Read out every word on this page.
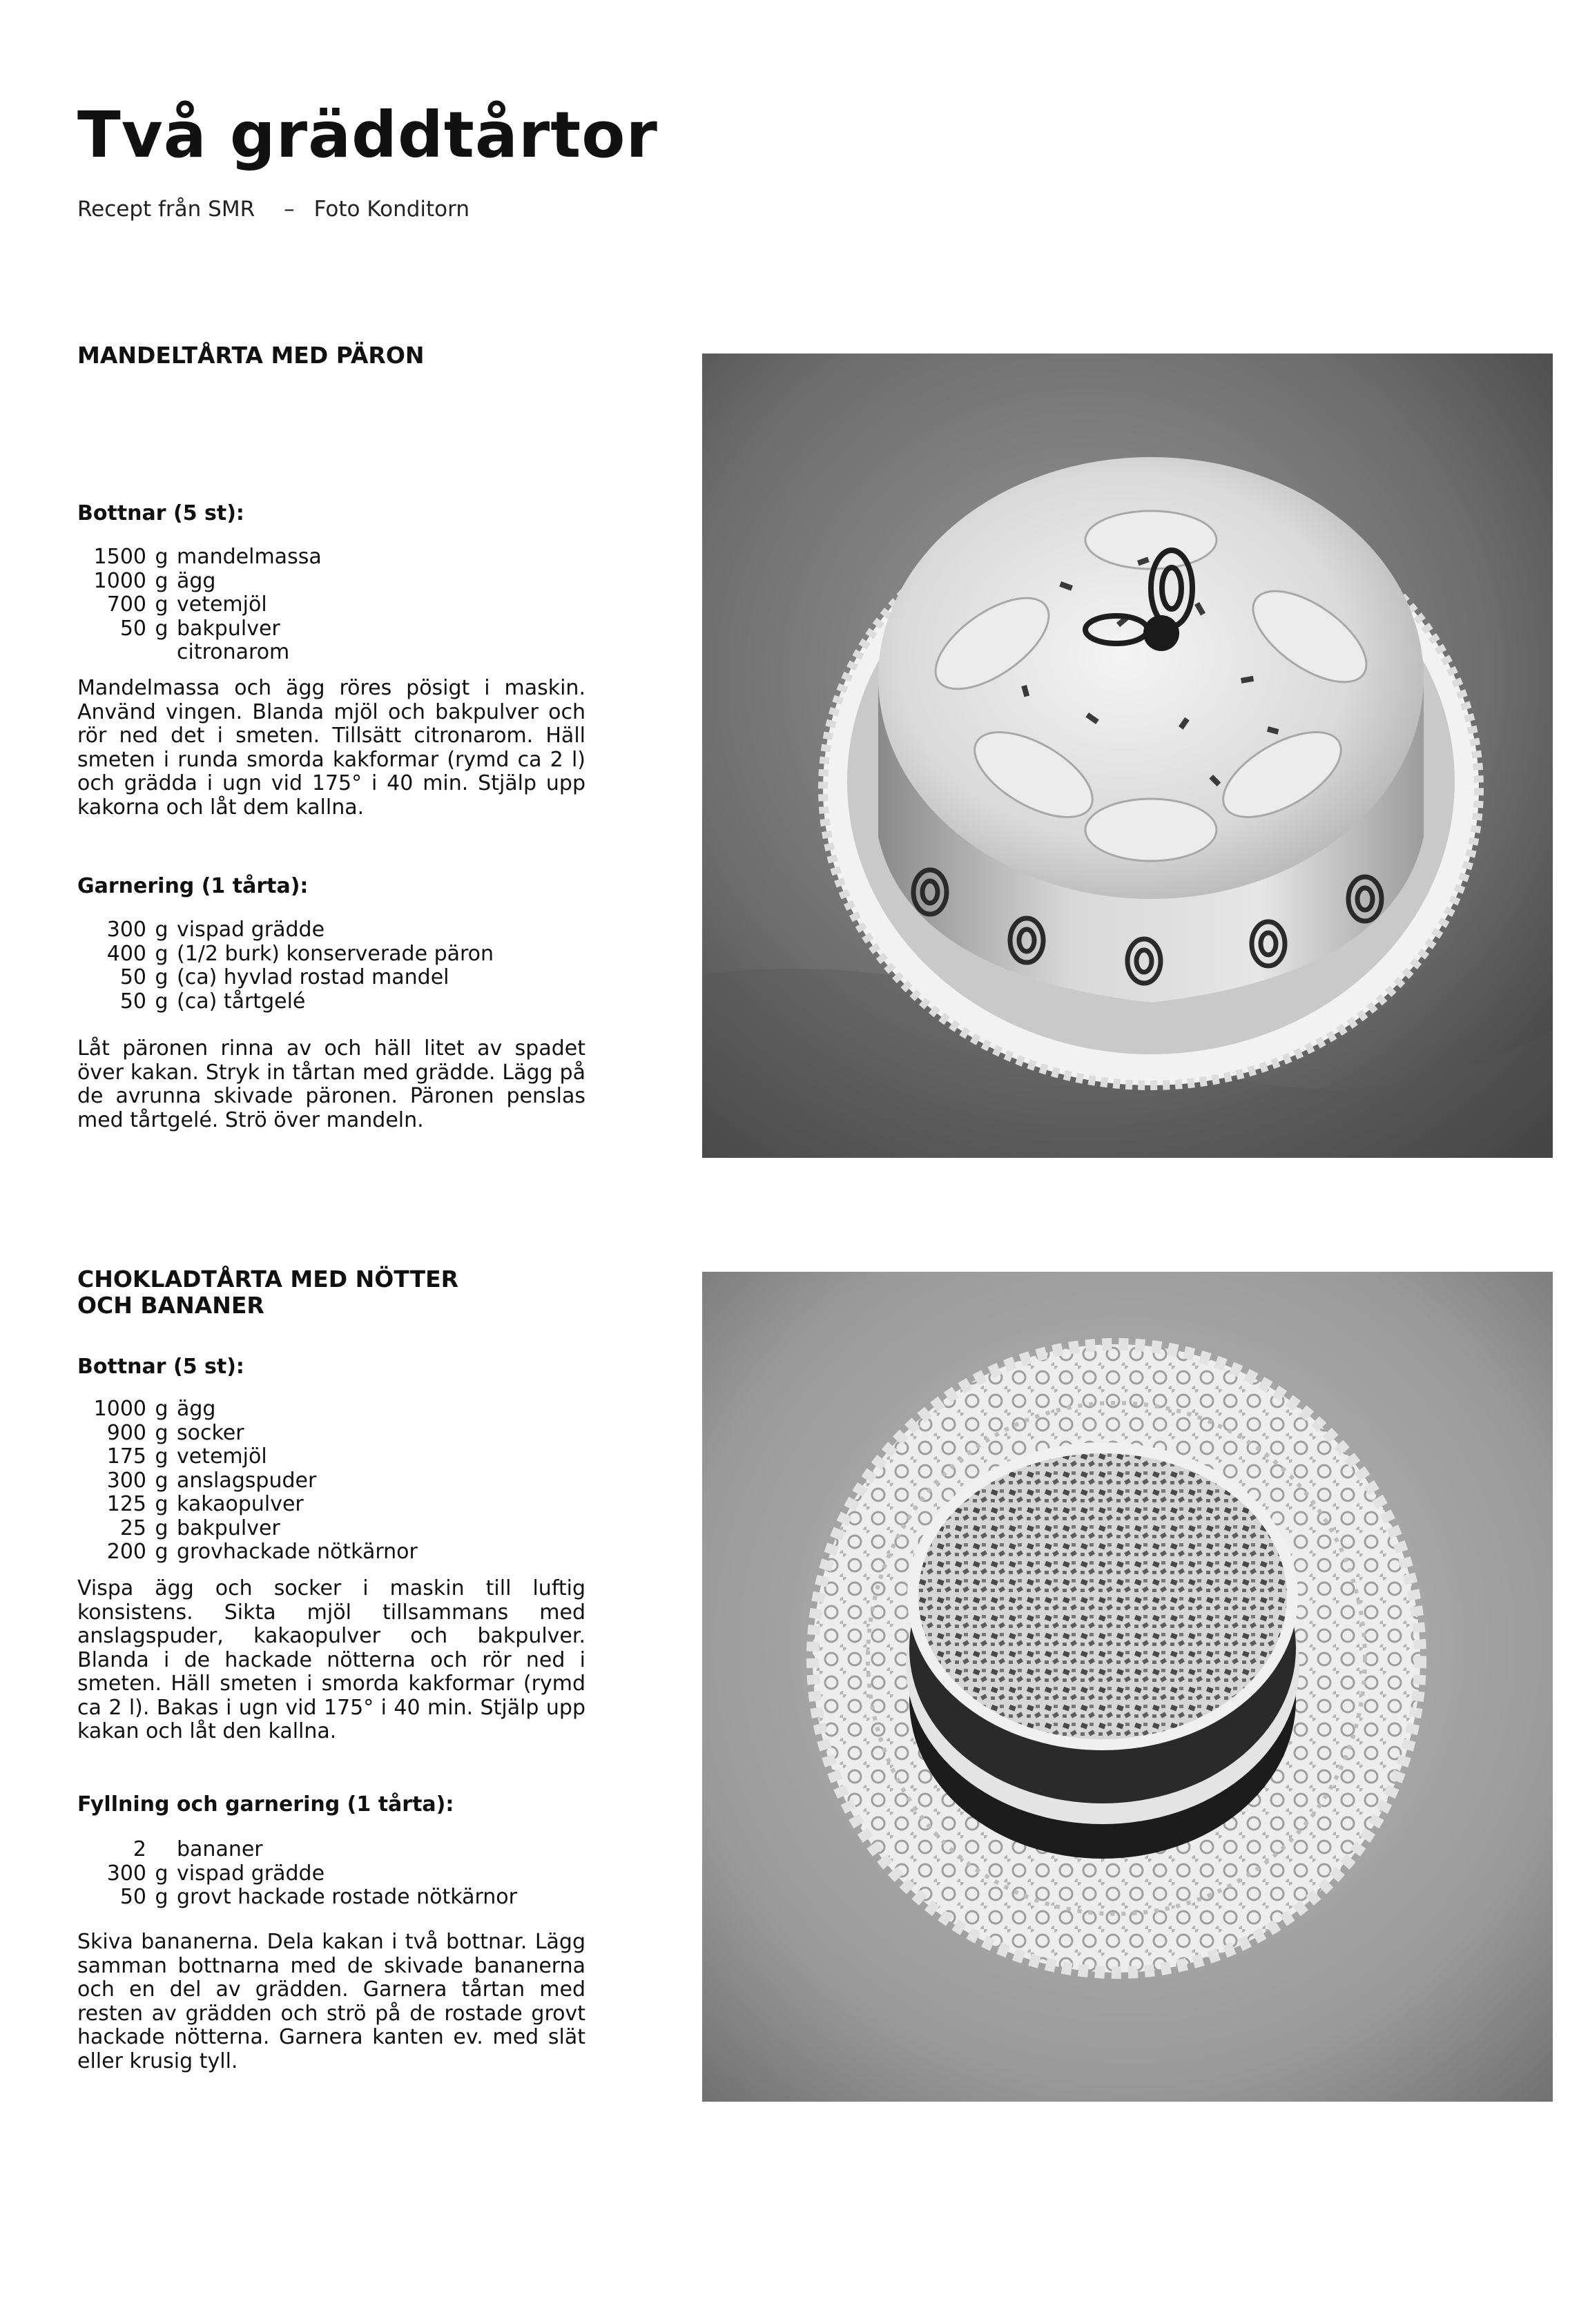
Två gräddtårtor
Recept från SMR – Foto Konditorn
MANDELTÅRTA MED PÄRON
Bottnar (5 st):
1500 g mandelmassa
1000 g ägg
700 g vetemjöl
50 g bakpulver
citronarom

Mandelmassa och ägg röres pösigt i maskin. Använd vingen. Blanda mjöl och bakpulver och rör ned det i smeten. Tillsätt citronarom. Häll smeten i runda smorda kakformar (rymd ca 2 l) och grädda i ugn vid 175° i 40 min. Stjälp upp kakorna och låt dem kallna.

Garnering (1 tårta):
300 g vispad grädde
400 g (1/2 burk) konserverade päron
50 g (ca) hyvlad rostad mandel
50 g (ca) tårtgelé

Låt päronen rinna av och häll litet av spadet över kakan. Stryk in tårtan med grädde. Lägg på de avrunna skivade päronen. Päronen penslas med tårtgelé. Strö över mandeln.

CHOKLADTÅRTA MED NÖTTER
OCH BANANER
Bottnar (5 st):
1000 g ägg
900 g socker
175 g vetemjöl
300 g anslagspuder
125 g kakaopulver
25 g bakpulver
200 g grovhackade nötkärnor

Vispa ägg och socker i maskin till luftig konsistens. Sikta mjöl tillsammans med anslagspuder, kakaopulver och bakpulver. Blanda i de hackade nötterna och rör ned i smeten. Häll smeten i smorda kakformar (rymd ca 2 l). Bakas i ugn vid 175° i 40 min. Stjälp upp kakan och låt den kallna.

Fyllning och garnering (1 tårta):
2 bananer
300 g vispad grädde
50 g grovt hackade rostade nötkärnor

Skiva bananerna. Dela kakan i två bottnar. Lägg samman bottnarna med de skivade bananerna och en del av grädden. Garnera tårtan med resten av grädden och strö på de rostade grovt hackade nötterna. Garnera kanten ev. med slät eller krusig tyll.
